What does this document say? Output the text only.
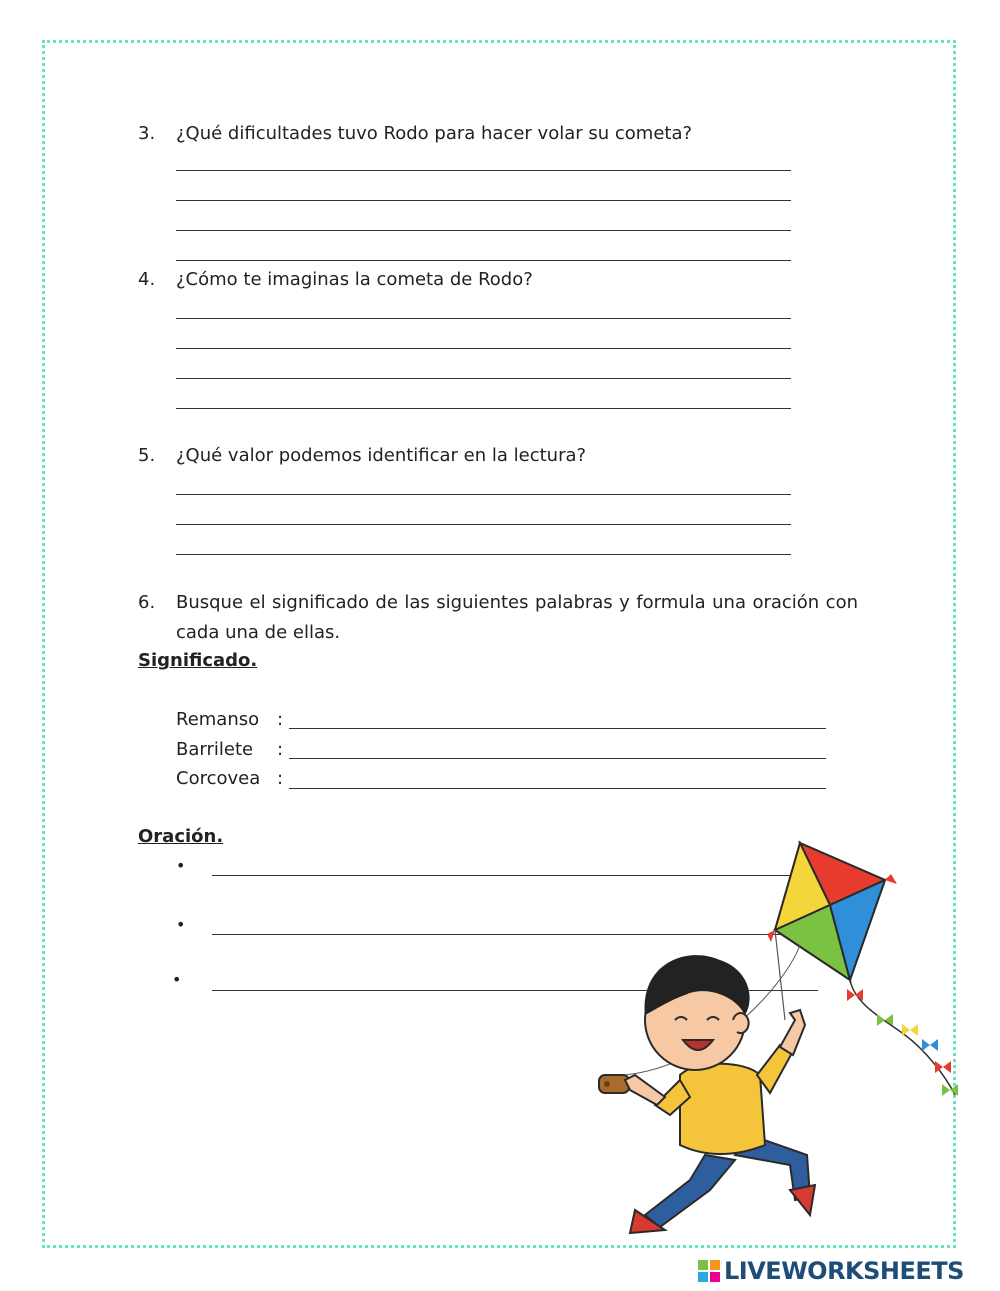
3. ¿Qué dificultades tuvo Rodo para hacer volar su cometa?
4. ¿Cómo te imaginas la cometa de Rodo?
5. ¿Qué valor podemos identificar en la lectura?
6. Busque el significado de las siguientes palabras y formula una oración con cada una de ellas.
Significado.
Remanso :
Barrilete :
Corcovea :
Oración.
•
•
•
LIVEWORKSHEETS
